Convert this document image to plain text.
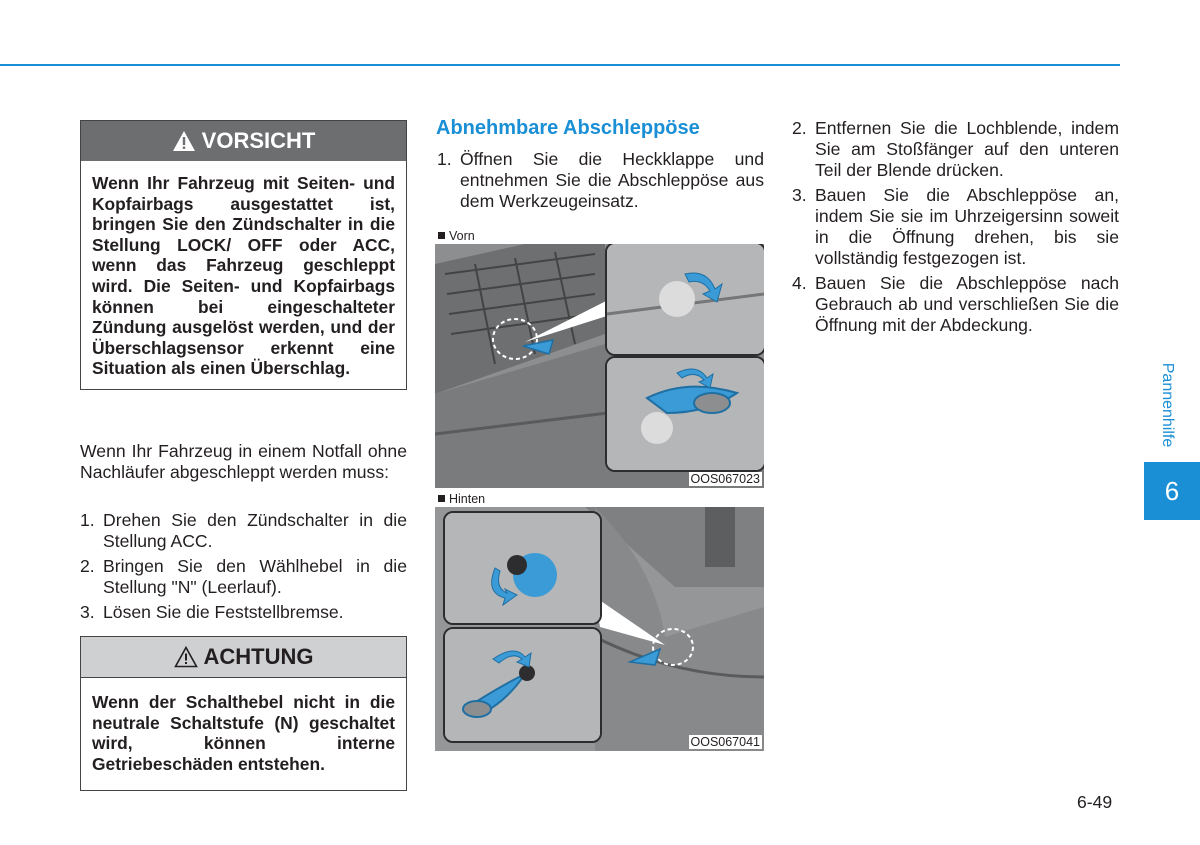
VORSICHT
Wenn Ihr Fahrzeug mit Seiten- und Kopfairbags ausgestattet ist, bringen Sie den Zündschalter in die Stellung LOCK/ OFF oder ACC, wenn das Fahrzeug geschleppt wird. Die Seiten- und Kopfairbags können bei eingeschalteter Zündung ausgelöst werden, und der Überschlagsensor erkennt eine Situation als einen Überschlag.
Wenn Ihr Fahrzeug in einem Notfall ohne Nachläufer abgeschleppt werden muss:
1. Drehen Sie den Zündschalter in die Stellung ACC.
2. Bringen Sie den Wählhebel in die Stellung "N" (Leerlauf).
3. Lösen Sie die Feststellbremse.
ACHTUNG
Wenn der Schalthebel nicht in die neutrale Schaltstufe (N) geschaltet wird, können interne Getriebeschäden entstehen.
Abnehmbare Abschleppöse
1. Öffnen Sie die Heckklappe und entnehmen Sie die Abschleppöse aus dem Werkzeugeinsatz.
Vorn
OOS067023
Hinten
OOS067041
2. Entfernen Sie die Lochblende, indem Sie am Stoßfänger auf den unteren Teil der Blende drücken.
3. Bauen Sie die Abschleppöse an, indem Sie sie im Uhrzeigersinn soweit in die Öffnung drehen, bis sie vollständig festgezogen ist.
4. Bauen Sie die Abschleppöse nach Gebrauch ab und verschließen Sie die Öffnung mit der Abdeckung.
Pannenhilfe
6
6-49
